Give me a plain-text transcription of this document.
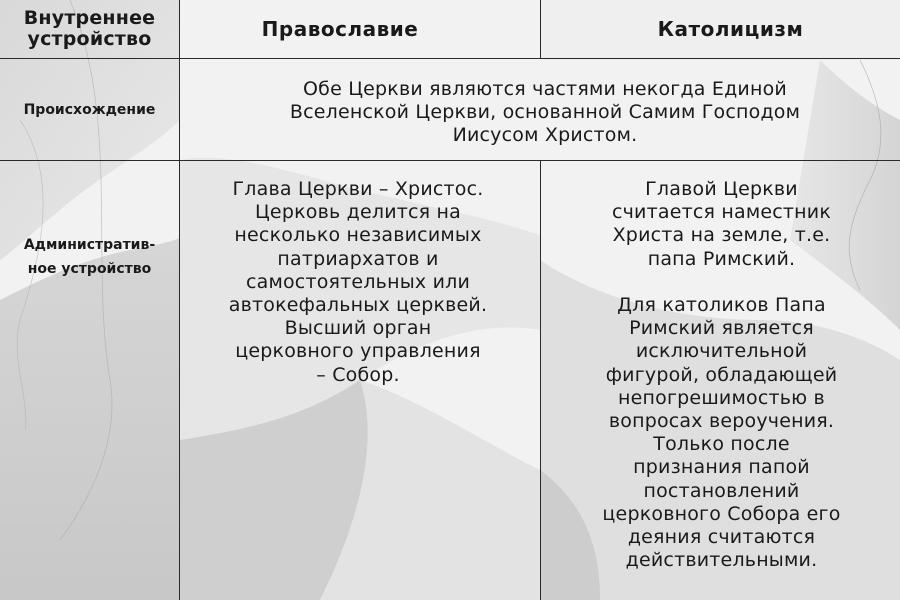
Внутреннее
устройство	Православие	Католицизм
Происхождение
Обе Церкви являются частями некогда Единой
Вселенской Церкви, основанной Самим Господом
Иисусом Христом.
Административ-
ное устройство
Глава Церкви – Христос.
Церковь делится на
несколько независимых
патриархатов и
самостоятельных или
автокефальных церквей.
Высший орган
церковного управления
– Собор.
Главой Церкви
считается наместник
Христа на земле, т.е.
папа Римский.

Для католиков Папа
Римский является
исключительной
фигурой, обладающей
непогрешимостью в
вопросах вероучения.
Только после
признания папой
постановлений
церковного Собора его
деяния считаются
действительными.
